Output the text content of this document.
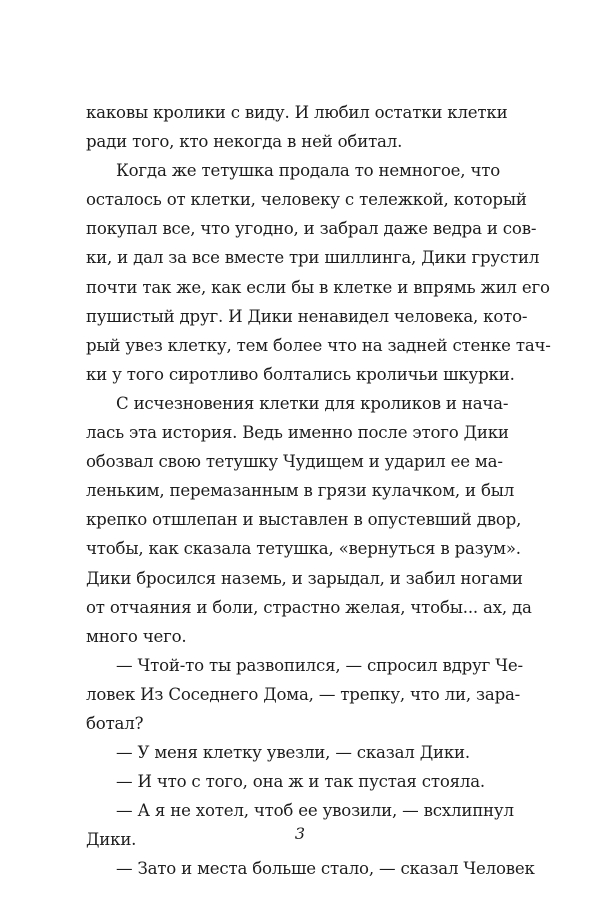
каковы кролики с виду. И любил остатки клетки
ради того, кто некогда в ней обитал.
Когда же тетушка продала то немногое, что
осталось от клетки, человеку с тележкой, который
покупал все, что угодно, и забрал даже ведра и сов-
ки, и дал за все вместе три шиллинга, Дики грустил
почти так же, как если бы в клетке и впрямь жил его
пушистый друг. И Дики ненавидел человека, кото-
рый увез клетку, тем более что на задней стенке тач-
ки у того сиротливо болтались кроличьи шкурки.
С исчезновения клетки для кроликов и нача-
лась эта история. Ведь именно после этого Дики
обозвал свою тетушку Чудищем и ударил ее ма-
леньким, перемазанным в грязи кулачком, и был
крепко отшлепан и выставлен в опустевший двор,
чтобы, как сказала тетушка, «вернуться в разум».
Дики бросился наземь, и зарыдал, и забил ногами
от отчаяния и боли, страстно желая, чтобы... ах, да
много чего.
— Чтой-то ты развопился, — спросил вдруг Че-
ловек Из Соседнего Дома, — трепку, что ли, зара-
ботал?
— У меня клетку увезли, — сказал Дики.
— И что с того, она ж и так пустая стояла.
— А я не хотел, чтоб ее увозили, — всхлипнул
Дики.
— Зато и места больше стало, — сказал Человек
3
